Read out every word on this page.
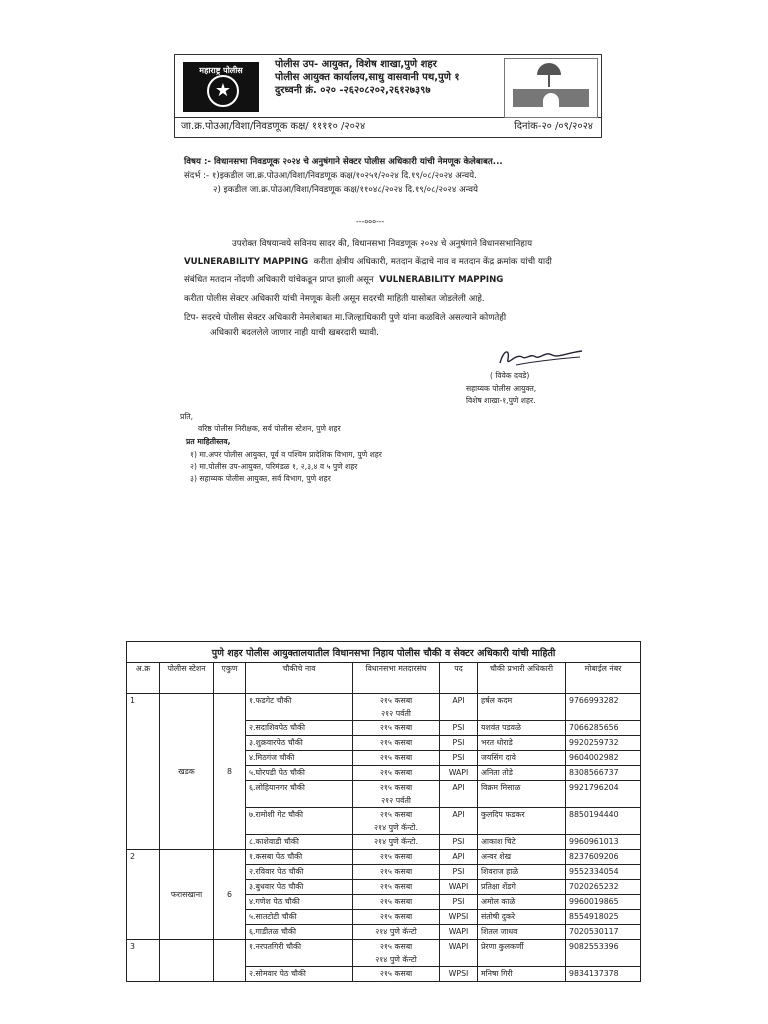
महाराष्ट्र पोलीस
★
पोलीस उप- आयुक्त, विशेष शाखा,पुणे शहर
पोलीस आयुक्त कार्यालय,साधु वासवानी पथ,पुणे १
दुरध्वनी क्रं. ०२० -२६२०८२०२,२६१२७३९७
जा.क्र.पोउआ/विशा/निवडणूक कक्ष/ ११११० /२०२४	दिनांक-२० /०९/२०२४
विषय :- विधानसभा निवडणूक २०२४ चे अनुषंगाने सेक्टर पोलीस अधिकारी यांची नेमणूक केलेबाबत...
संदर्भ :- १)इकडील जा.क्र.पोउआ/विशा/निवडणूक कक्ष/१०२५१/२०२४ दि.१९/०८/२०२४ अन्वये.
२) इकडील जा.क्र.पोउआ/विशा/निवडणूक कक्ष/११०४८/२०२४ दि.१९/०८/२०२४ अन्वये
---०००---
उपरोक्त विषयान्वये सविनय सादर की, विधानसभा निवडणूक २०२४ चे अनुषंगाने विधानसभानिहाय
VULNERABILITY MAPPING करीता क्षेत्रीय अधिकारी, मतदान केंद्राचे नाव व मतदान केंद्र क्रमांक यांची यादी
संबंधित मतदान नोंदणी अधिकारी यांचेकडून प्राप्त झाली असून VULNERABILITY MAPPING
करीता पोलीस सेक्टर अधिकारी यांची नेमणूक केली असून सदरची माहिती यासोबत जोडलेली आहे.
टिप- सदरचे पोलीस सेक्टर अधिकारी नेमलेबाबत मा.जिल्हाधिकारी पुणे यांना कळविले असल्याने कोणतेही
अधिकारी बदललेले जाणार नाही याची खबरदारी घ्यावी.
( विवेक दवडे)
सहाय्यक पोलीस आयुक्त,
विशेष शाखा-१,पुणे शहर.
प्रति,
वरिष्ठ पोलीस निरीक्षक, सर्व पोलीस स्टेशन, पुणे शहर
प्रत माहितीस्तव,
१) मा.अपर पोलीस आयुक्त, पूर्व व पश्चिम प्रादेशिक विभाग, पुणे शहर
२) मा.पोलीस उप-आयुक्त, परिमंडळ १, २,३,४ व ५ पुणे शहर
३) सहाय्यक पोलीस आयुक्त, सर्व विभाग, पुणे शहर
पुणे शहर पोलीस आयुक्तालयातील विधानसभा निहाय पोलीस चौकी व सेक्टर अधिकारी यांची माहिती							
अ.क्र	पोलीस स्टेशन	एकुण	चौकीचे नाव	विधानसभा मतदारसंघ	पद	चौकी प्रभारी अधिकारी	मोबाईल नंबर
1	खडक	8	१.फडगेट चौकी	२१५ कसबा
२१२ पर्वती	API	हर्षल कदम	9766993282
			२.सदाशिवपेठ चौकी	२१५ कसबा	PSI	यशवंत पडवळे	7066285656
			३.शुक्रवारपेठ चौकी	२१५ कसबा	PSI	भरत धोराडे	9920259732
			४.मिठगंज चौकी	२१५ कसबा	PSI	जयसिंग दावे	9604002982
			५.घोरपडी पेठ चौकी	२१५ कसबा	WAPI	अनिता तोडे	8308566737
			६.लोहियानगर चौकी	२१५ कसबा
२१२ पर्वती	API	विक्रम मिसाळ	9921796204
			७.रामोशी गेट चौकी	२१५ कसबा
२१४ पुणे कॅन्टो.	API	कुलदिप फडकर	8850194440
			८.काशेवाडी चौकी	२१४ पुणे कॅन्टो.	PSI	आकाश चिटे	9960961013
2	फरासखाना	6	१.कसबा पेठ चौकी	२१५ कसबा	API	अन्वर शेख	8237609206
			२.रविवार पेठ चौकी	२१५ कसबा	PSI	शिवराज हाळे	9552334054
			३.बुधवार पेठ चौकी	२१५ कसबा	WAPI	प्रतिक्षा शेंडगे	7020265232
			४.गणेश पेठ चौकी	२१५ कसबा	PSI	अमोल काळे	9960019865
			५.सातटोटी चौकी	२१५ कसबा	WPSI	संतोषी दुकरे	8554918025
			६.गाडीतळ चौकी	२१४ पुणे कॅन्टो	WAPI	शितल जाधव	7020530117
3			१.नरपतगिरी चौकी	२१५ कसबा
२१४ पुणे कॅन्टो	WAPI	प्रेरणा कुलकर्णी	9082553396
			२.सोमवार पेठ चौकी	२१५ कसबा	WPSI	मनिषा गिरी	9834137378
